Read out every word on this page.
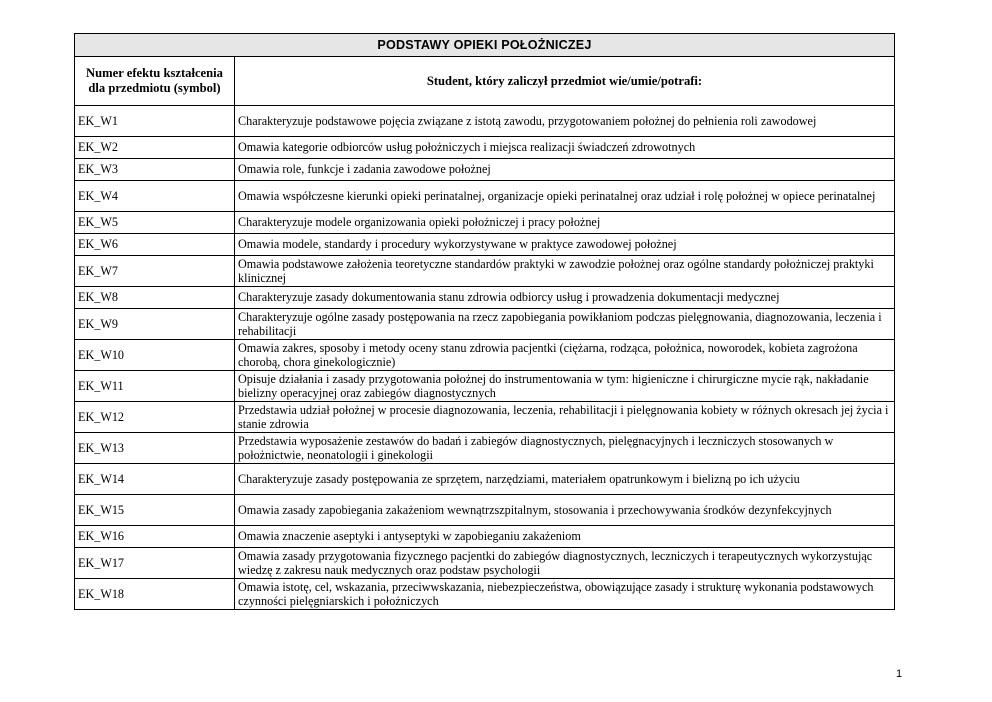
PODSTAWY OPIEKI POŁOŻNICZEJ	
Numer efektu kształcenia dla przedmiotu (symbol)	Student, który zaliczył przedmiot wie/umie/potrafi:
EK_W1	Charakteryzuje podstawowe pojęcia związane z istotą zawodu, przygotowaniem położnej do pełnienia roli zawodowej
EK_W2	Omawia kategorie odbiorców usług położniczych i miejsca realizacji świadczeń zdrowotnych
EK_W3	Omawia role, funkcje i zadania zawodowe położnej
EK_W4	Omawia współczesne kierunki opieki perinatalnej, organizacje opieki perinatalnej oraz udział i rolę położnej w opiece perinatalnej
EK_W5	Charakteryzuje modele organizowania opieki położniczej i pracy położnej
EK_W6	Omawia modele, standardy i procedury wykorzystywane w praktyce zawodowej położnej
EK_W7	Omawia podstawowe założenia teoretyczne standardów praktyki w zawodzie położnej oraz ogólne standardy położniczej praktyki klinicznej
EK_W8	Charakteryzuje zasady dokumentowania stanu zdrowia odbiorcy usług i prowadzenia dokumentacji medycznej
EK_W9	Charakteryzuje ogólne zasady postępowania na rzecz zapobiegania powikłaniom podczas pielęgnowania, diagnozowania, leczenia i rehabilitacji
EK_W10	Omawia zakres, sposoby i metody oceny stanu zdrowia pacjentki (ciężarna, rodząca, położnica, noworodek, kobieta zagrożona chorobą, chora ginekologicznie)
EK_W11	Opisuje działania i zasady przygotowania położnej do instrumentowania w tym: higieniczne i chirurgiczne mycie rąk, nakładanie bielizny operacyjnej oraz zabiegów diagnostycznych
EK_W12	Przedstawia udział położnej w procesie diagnozowania, leczenia, rehabilitacji i pielęgnowania kobiety w różnych okresach jej życia i stanie zdrowia
EK_W13	Przedstawia wyposażenie zestawów do badań i zabiegów diagnostycznych, pielęgnacyjnych i leczniczych stosowanych w położnictwie, neonatologii i ginekologii
EK_W14	Charakteryzuje zasady postępowania ze sprzętem, narzędziami, materiałem opatrunkowym i bielizną po ich użyciu
EK_W15	Omawia zasady zapobiegania zakażeniom wewnątrzszpitalnym, stosowania i przechowywania środków dezynfekcyjnych
EK_W16	Omawia znaczenie aseptyki i antyseptyki w zapobieganiu zakażeniom
EK_W17	Omawia zasady przygotowania fizycznego pacjentki do zabiegów diagnostycznych, leczniczych i terapeutycznych wykorzystując wiedzę z zakresu nauk medycznych oraz podstaw psychologii
EK_W18	Omawia istotę, cel, wskazania, przeciwwskazania, niebezpieczeństwa, obowiązujące zasady i strukturę wykonania podstawowych czynności pielęgniarskich i położniczych
1
